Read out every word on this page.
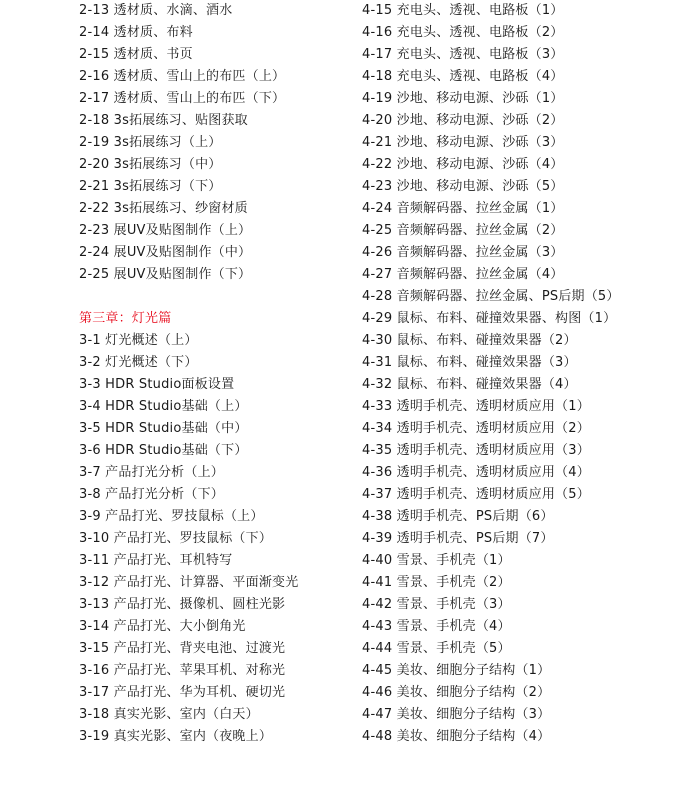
2-13 透材质、水滴、酒水
2-14 透材质、布料
2-15 透材质、书页
2-16 透材质、雪山上的布匹（上）
2-17 透材质、雪山上的布匹（下）
2-18 3s拓展练习、贴图获取
2-19 3s拓展练习（上）
2-20 3s拓展练习（中）
2-21 3s拓展练习（下）
2-22 3s拓展练习、纱窗材质
2-23 展UV及贴图制作（上）
2-24 展UV及贴图制作（中）
2-25 展UV及贴图制作（下）
第三章：灯光篇
3-1 灯光概述（上）
3-2 灯光概述（下）
3-3 HDR Studio面板设置
3-4 HDR Studio基础（上）
3-5 HDR Studio基础（中）
3-6 HDR Studio基础（下）
3-7 产品打光分析（上）
3-8 产品打光分析（下）
3-9 产品打光、罗技鼠标（上）
3-10 产品打光、罗技鼠标（下）
3-11 产品打光、耳机特写
3-12 产品打光、计算器、平面渐变光
3-13 产品打光、摄像机、圆柱光影
3-14 产品打光、大小倒角光
3-15 产品打光、背夹电池、过渡光
3-16 产品打光、苹果耳机、对称光
3-17 产品打光、华为耳机、硬切光
3-18 真实光影、室内（白天）
3-19 真实光影、室内（夜晚上）
4-15 充电头、透视、电路板（1）
4-16 充电头、透视、电路板（2）
4-17 充电头、透视、电路板（3）
4-18 充电头、透视、电路板（4）
4-19 沙地、移动电源、沙砾（1）
4-20 沙地、移动电源、沙砾（2）
4-21 沙地、移动电源、沙砾（3）
4-22 沙地、移动电源、沙砾（4）
4-23 沙地、移动电源、沙砾（5）
4-24 音频解码器、拉丝金属（1）
4-25 音频解码器、拉丝金属（2）
4-26 音频解码器、拉丝金属（3）
4-27 音频解码器、拉丝金属（4）
4-28 音频解码器、拉丝金属、PS后期（5）
4-29 鼠标、布料、碰撞效果器、构图（1）
4-30 鼠标、布料、碰撞效果器（2）
4-31 鼠标、布料、碰撞效果器（3）
4-32 鼠标、布料、碰撞效果器（4）
4-33 透明手机壳、透明材质应用（1）
4-34 透明手机壳、透明材质应用（2）
4-35 透明手机壳、透明材质应用（3）
4-36 透明手机壳、透明材质应用（4）
4-37 透明手机壳、透明材质应用（5）
4-38 透明手机壳、PS后期（6）
4-39 透明手机壳、PS后期（7）
4-40 雪景、手机壳（1）
4-41 雪景、手机壳（2）
4-42 雪景、手机壳（3）
4-43 雪景、手机壳（4）
4-44 雪景、手机壳（5）
4-45 美妆、细胞分子结构（1）
4-46 美妆、细胞分子结构（2）
4-47 美妆、细胞分子结构（3）
4-48 美妆、细胞分子结构（4）
